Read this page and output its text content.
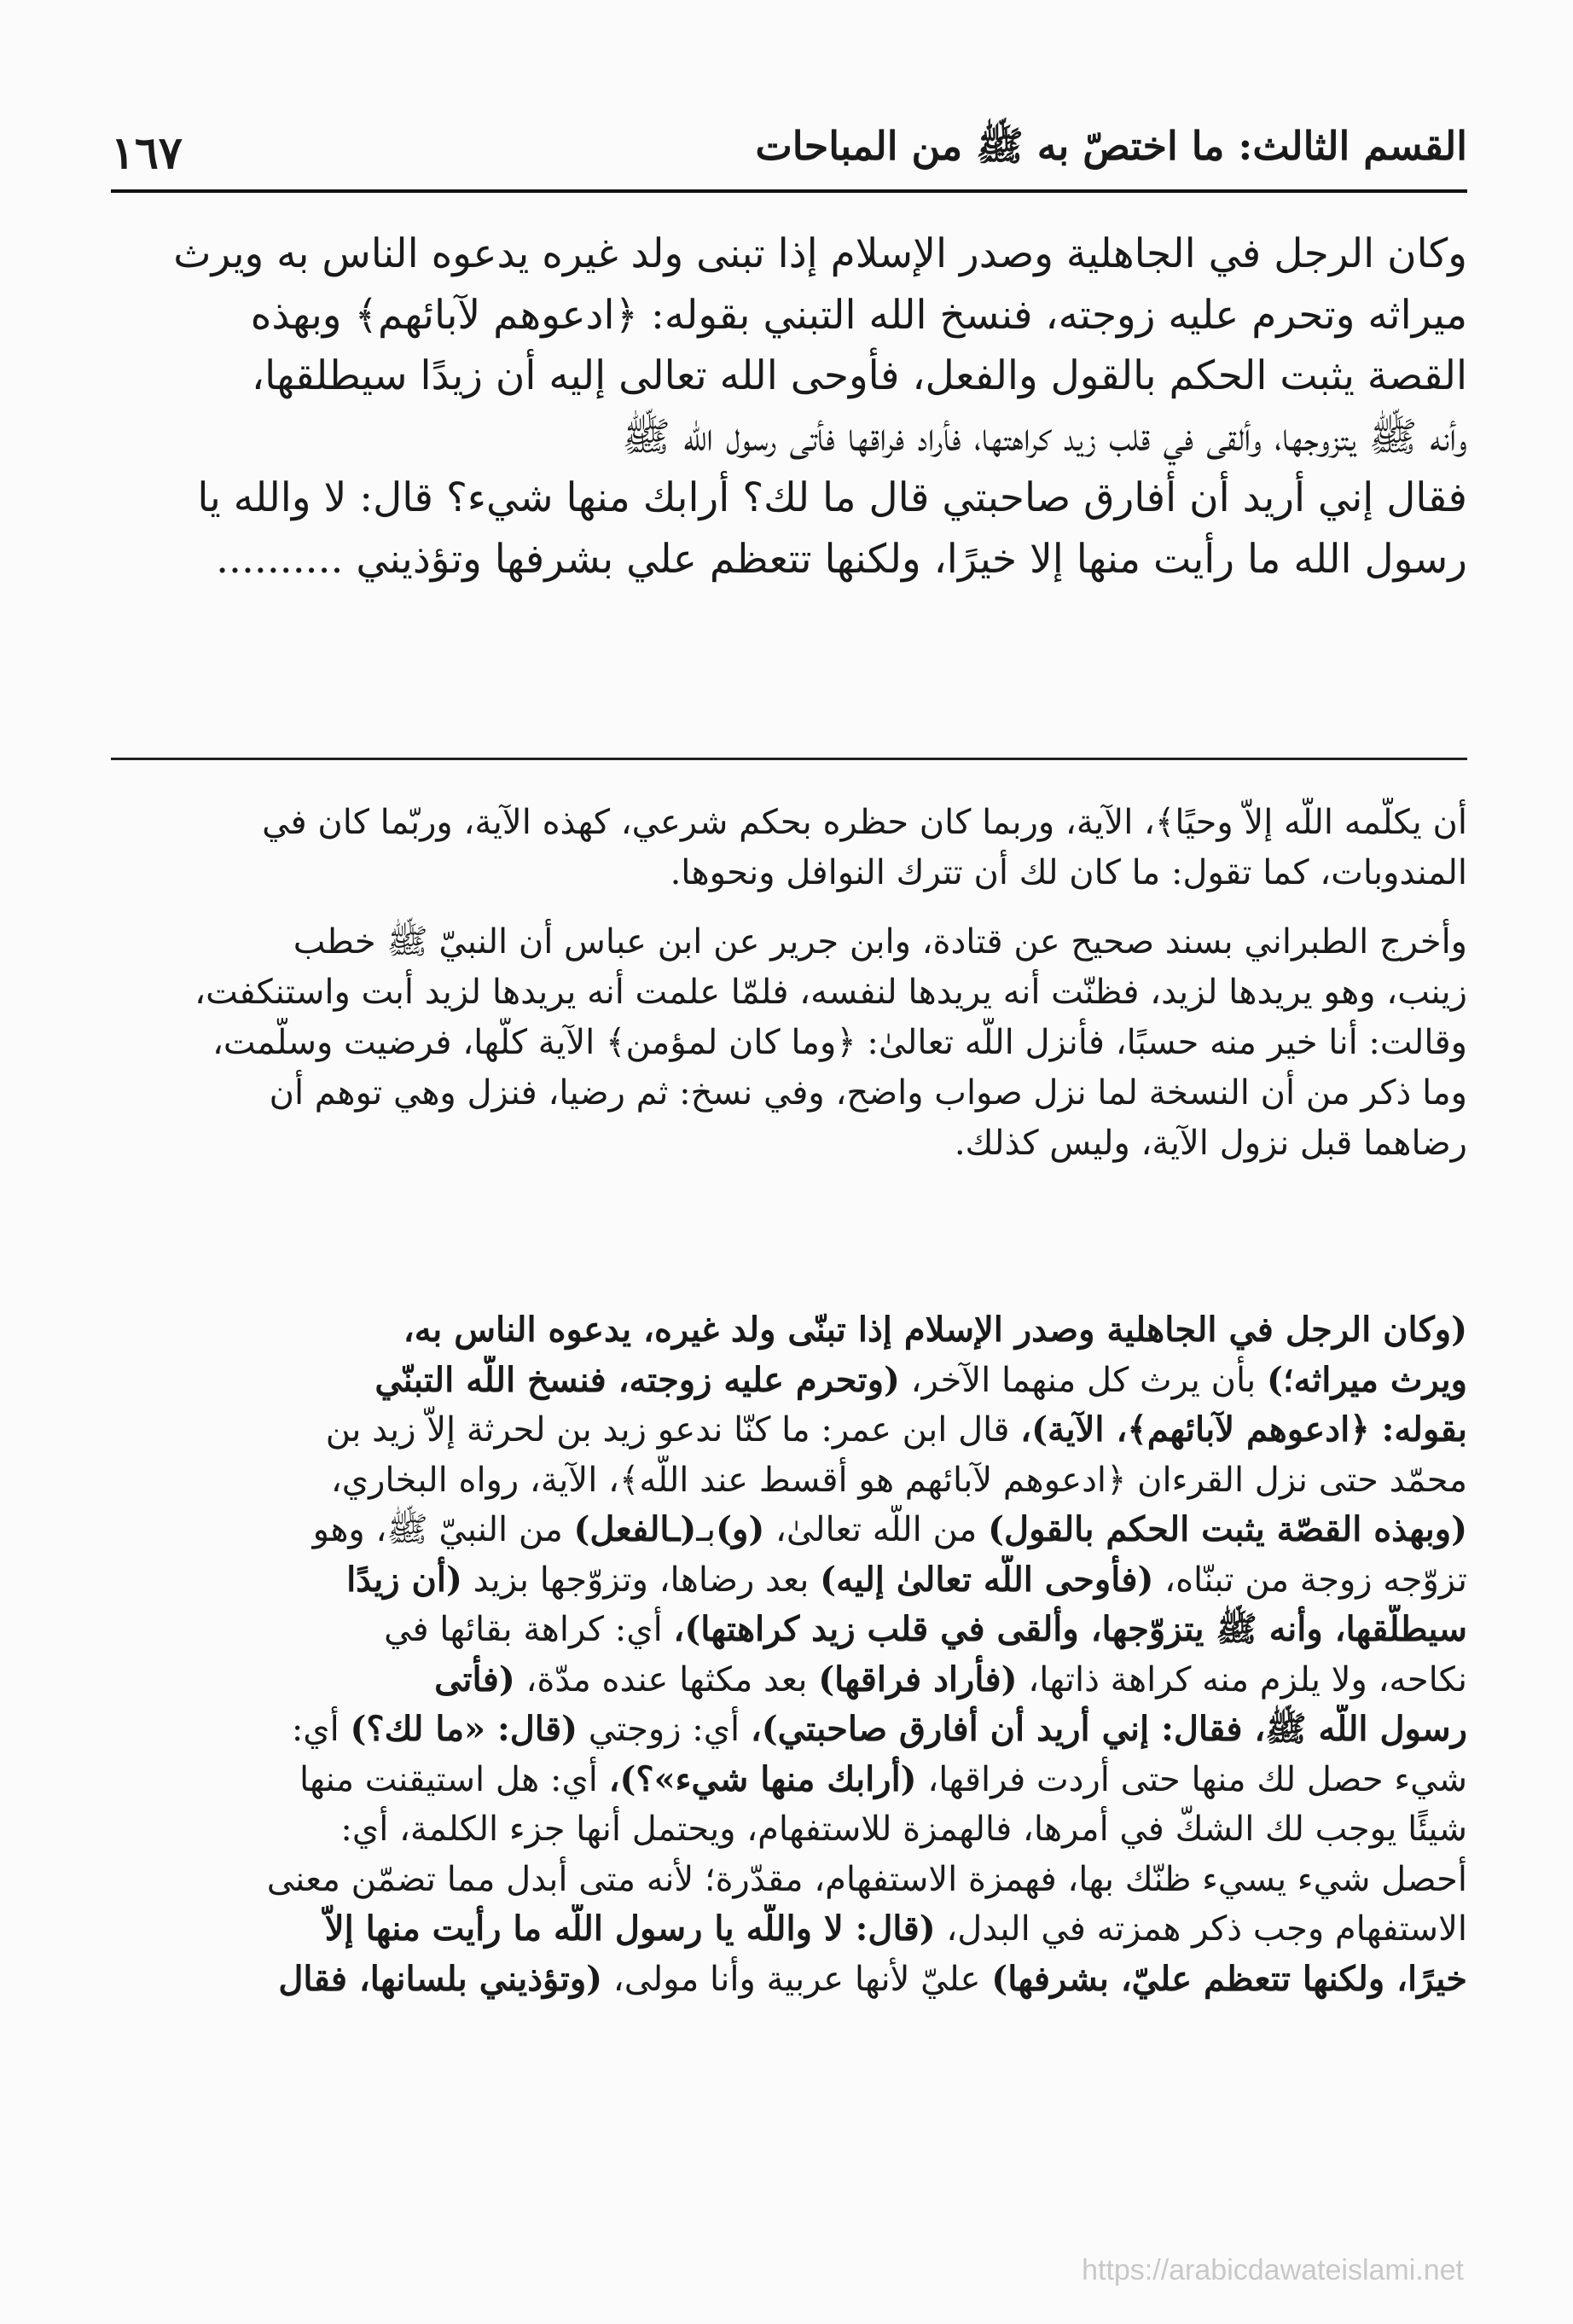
القسم الثالث: ما اختصّ به ﷺ من المباحات
١٦٧
وكان الرجل في الجاهلية وصدر الإسلام إذا تبنى ولد غيره يدعوه الناس به ويرث
ميراثه وتحرم عليه زوجته، فنسخ الله التبني بقوله: ﴿ادعوهم لآبائهم﴾ وبهذه
القصة يثبت الحكم بالقول والفعل، فأوحى الله تعالى إليه أن زيدًا سيطلقها،
وأنه ﷺ يتزوجها، وألقى في قلب زيد كراهتها، فأراد فراقها فأتى رسول الله ﷺ
فقال إني أريد أن أفارق صاحبتي قال ما لك؟ أرابك منها شيء؟ قال: لا والله يا
رسول الله ما رأيت منها إلا خيرًا، ولكنها تتعظم علي بشرفها وتؤذيني ..........
أن يكلّمه اللّه إلاّ وحيًا﴾، الآية، وربما كان حظره بحكم شرعي، كهذه الآية، وربّما كان في
المندوبات، كما تقول: ما كان لك أن تترك النوافل ونحوها.
وأخرج الطبراني بسند صحيح عن قتادة، وابن جرير عن ابن عباس أن النبيّ ﷺ خطب
زينب، وهو يريدها لزيد، فظنّت أنه يريدها لنفسه، فلمّا علمت أنه يريدها لزيد أبت واستنكفت،
وقالت: أنا خير منه حسبًا، فأنزل اللّه تعالىٰ: ﴿وما كان لمؤمن﴾ الآية كلّها، فرضيت وسلّمت،
وما ذكر من أن النسخة لما نزل صواب واضح، وفي نسخ: ثم رضيا، فنزل وهي توهم أن
رضاهما قبل نزول الآية، وليس كذلك.
(وكان الرجل في الجاهلية وصدر الإسلام إذا تبنّى ولد غيره، يدعوه الناس به،
ويرث ميراثه؛) بأن يرث كل منهما الآخر، (وتحرم عليه زوجته، فنسخ اللّه التبنّي
بقوله: ﴿ادعوهم لآبائهم﴾، الآية)، قال ابن عمر: ما كنّا ندعو زيد بن لحرثة إلاّ زيد بن
محمّد حتى نزل القرءان ﴿ادعوهم لآبائهم هو أقسط عند اللّه﴾، الآية، رواه البخاري،
(وبهذه القصّة يثبت الحكم بالقول) من اللّه تعالىٰ، (و)بـ(ـالفعل) من النبيّ ﷺ، وهو
تزوّجه زوجة من تبنّاه، (فأوحى اللّه تعالىٰ إليه) بعد رضاها، وتزوّجها بزيد (أن زيدًا
سيطلّقها، وأنه ﷺ يتزوّجها، وألقى في قلب زيد كراهتها)، أي: كراهة بقائها في
نكاحه، ولا يلزم منه كراهة ذاتها، (فأراد فراقها) بعد مكثها عنده مدّة، (فأتى
رسول اللّه ﷺ، فقال: إني أريد أن أفارق صاحبتي)، أي: زوجتي (قال: «ما لك؟) أي:
شيء حصل لك منها حتى أردت فراقها، (أرابك منها شيء»؟)، أي: هل استيقنت منها
شيئًا يوجب لك الشكّ في أمرها، فالهمزة للاستفهام، ويحتمل أنها جزء الكلمة، أي:
أحصل شيء يسيء ظنّك بها، فهمزة الاستفهام، مقدّرة؛ لأنه متى أبدل مما تضمّن معنى
الاستفهام وجب ذكر همزته في البدل، (قال: لا واللّه يا رسول اللّه ما رأيت منها إلاّ
خيرًا، ولكنها تتعظم عليّ، بشرفها) عليّ لأنها عربية وأنا مولى، (وتؤذيني بلسانها، فقال
https://arabicdawateislami.net
